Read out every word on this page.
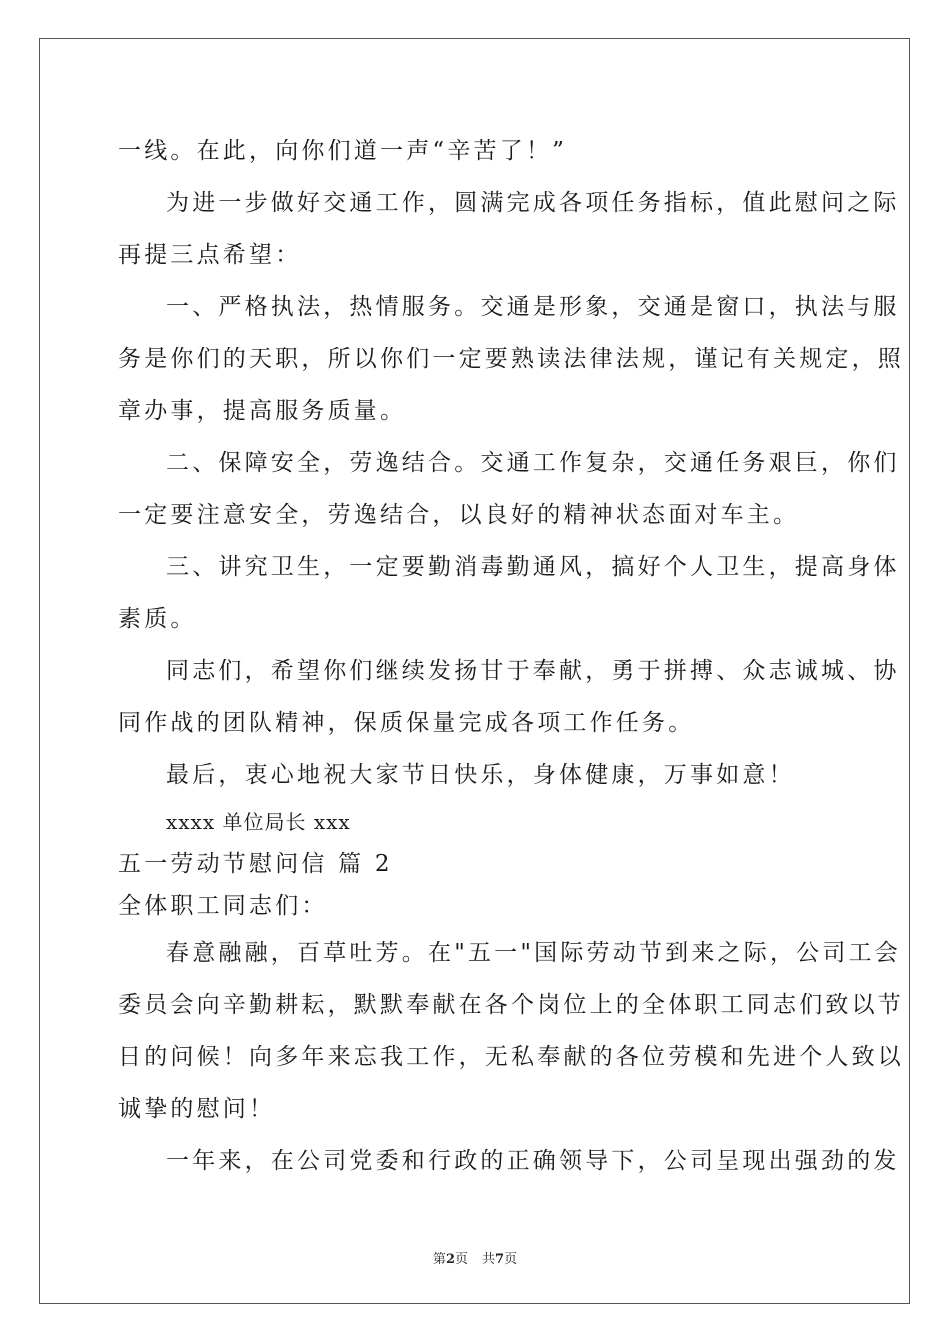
一线。在此，向你们道一声“辛苦了！”
为进一步做好交通工作，圆满完成各项任务指标，值此慰问之际
再提三点希望：
一、严格执法，热情服务。交通是形象，交通是窗口，执法与服
务是你们的天职，所以你们一定要熟读法律法规，谨记有关规定，照
章办事，提高服务质量。
二、保障安全，劳逸结合。交通工作复杂，交通任务艰巨，你们
一定要注意安全，劳逸结合，以良好的精神状态面对车主。
三、讲究卫生，一定要勤消毒勤通风，搞好个人卫生，提高身体
素质。
同志们，希望你们继续发扬甘于奉献，勇于拼搏、众志诚城、协
同作战的团队精神，保质保量完成各项工作任务。
最后，衷心地祝大家节日快乐，身体健康，万事如意！
xxxx 单位局长 xxx
五一劳动节慰问信 篇 2
全体职工同志们：
春意融融，百草吐芳。在"五一"国际劳动节到来之际，公司工会
委员会向辛勤耕耘，默默奉献在各个岗位上的全体职工同志们致以节
日的问候！向多年来忘我工作，无私奉献的各位劳模和先进个人致以
诚挚的慰问！
一年来，在公司党委和行政的正确领导下，公司呈现出强劲的发
第2页 共7页
